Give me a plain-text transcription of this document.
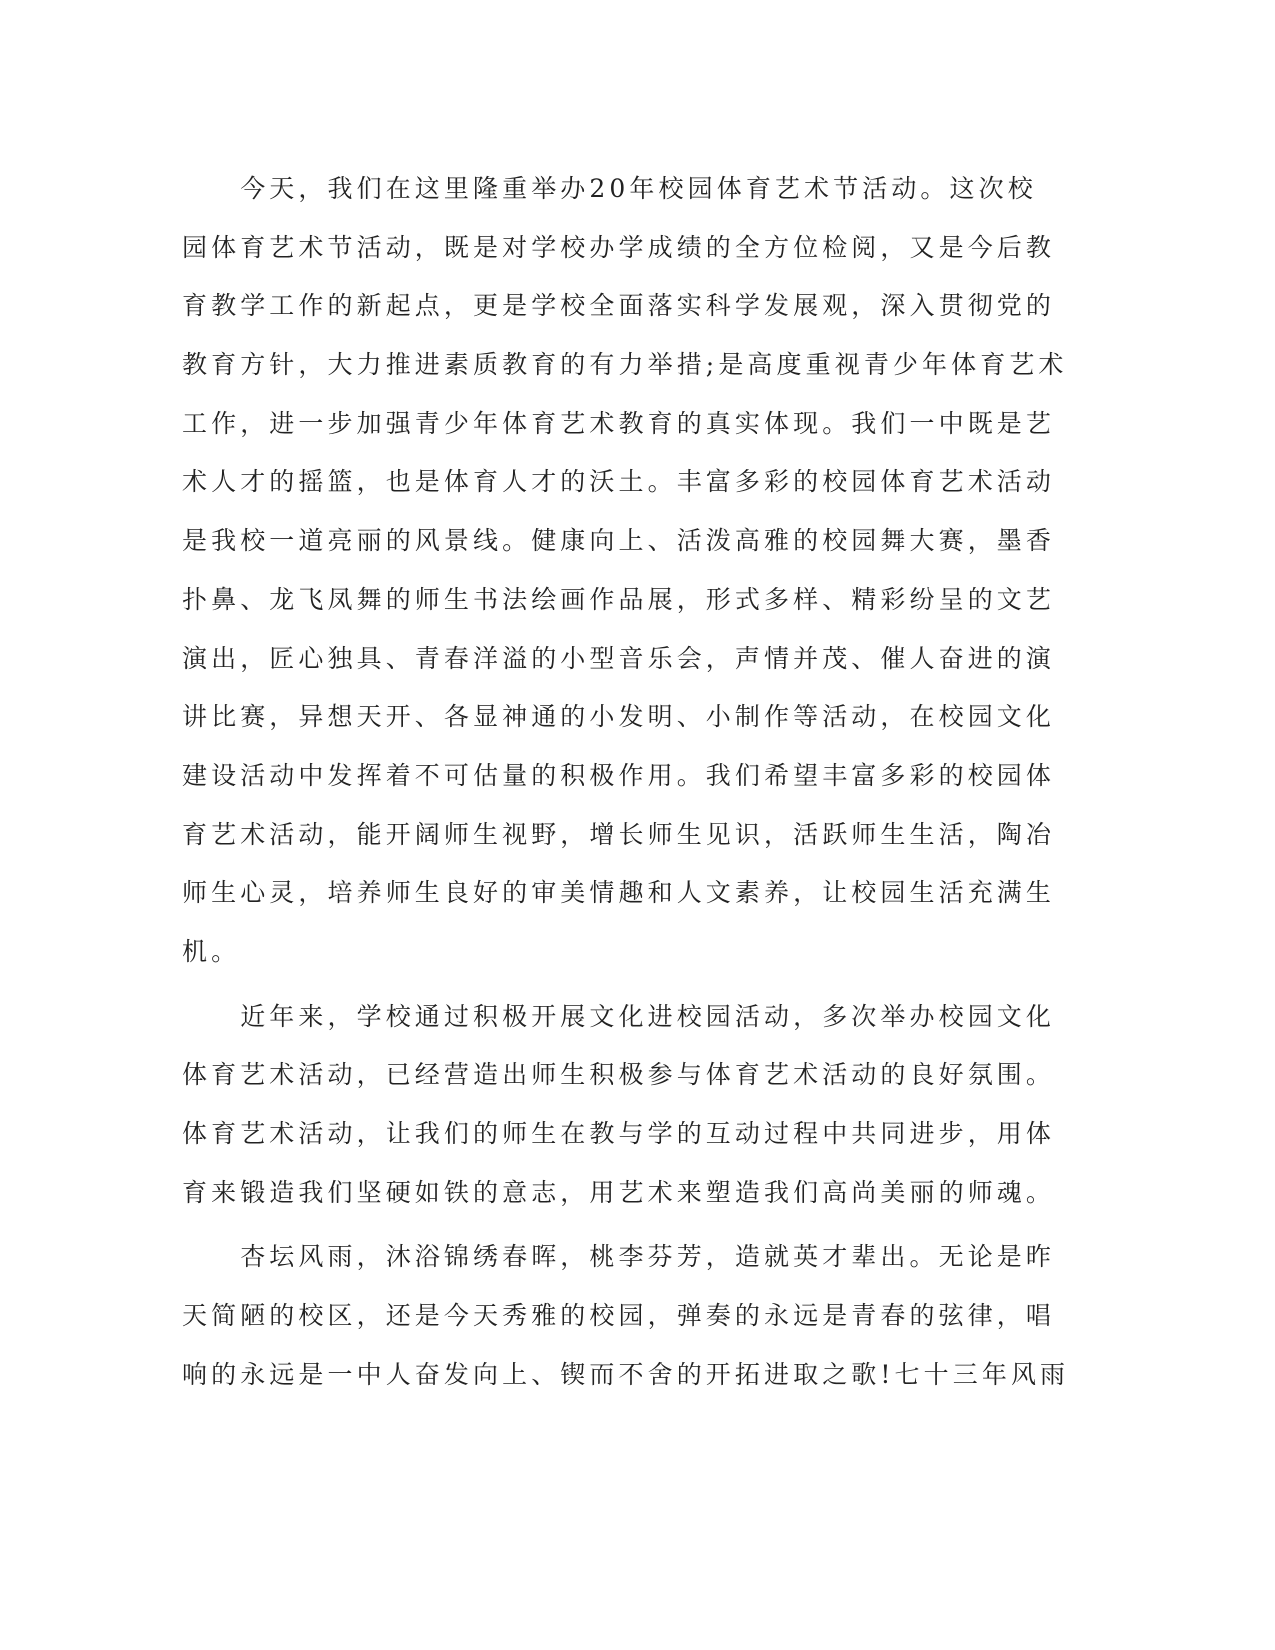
　　今天，我们在这里隆重举办20年校园体育艺术节活动。这次校
园体育艺术节活动，既是对学校办学成绩的全方位检阅，又是今后教
育教学工作的新起点，更是学校全面落实科学发展观，深入贯彻党的
教育方针，大力推进素质教育的有力举措;是高度重视青少年体育艺术
工作，进一步加强青少年体育艺术教育的真实体现。我们一中既是艺
术人才的摇篮，也是体育人才的沃土。丰富多彩的校园体育艺术活动
是我校一道亮丽的风景线。健康向上、活泼高雅的校园舞大赛，墨香
扑鼻、龙飞凤舞的师生书法绘画作品展，形式多样、精彩纷呈的文艺
演出，匠心独具、青春洋溢的小型音乐会，声情并茂、催人奋进的演
讲比赛，异想天开、各显神通的小发明、小制作等活动，在校园文化
建设活动中发挥着不可估量的积极作用。我们希望丰富多彩的校园体
育艺术活动，能开阔师生视野，增长师生见识，活跃师生生活，陶冶
师生心灵，培养师生良好的审美情趣和人文素养，让校园生活充满生
机。
　　近年来，学校通过积极开展文化进校园活动，多次举办校园文化
体育艺术活动，已经营造出师生积极参与体育艺术活动的良好氛围。
体育艺术活动，让我们的师生在教与学的互动过程中共同进步，用体
育来锻造我们坚硬如铁的意志，用艺术来塑造我们高尚美丽的师魂。
　　杏坛风雨，沐浴锦绣春晖，桃李芬芳，造就英才辈出。无论是昨
天简陋的校区，还是今天秀雅的校园，弹奏的永远是青春的弦律，唱
响的永远是一中人奋发向上、锲而不舍的开拓进取之歌!七十三年风雨
